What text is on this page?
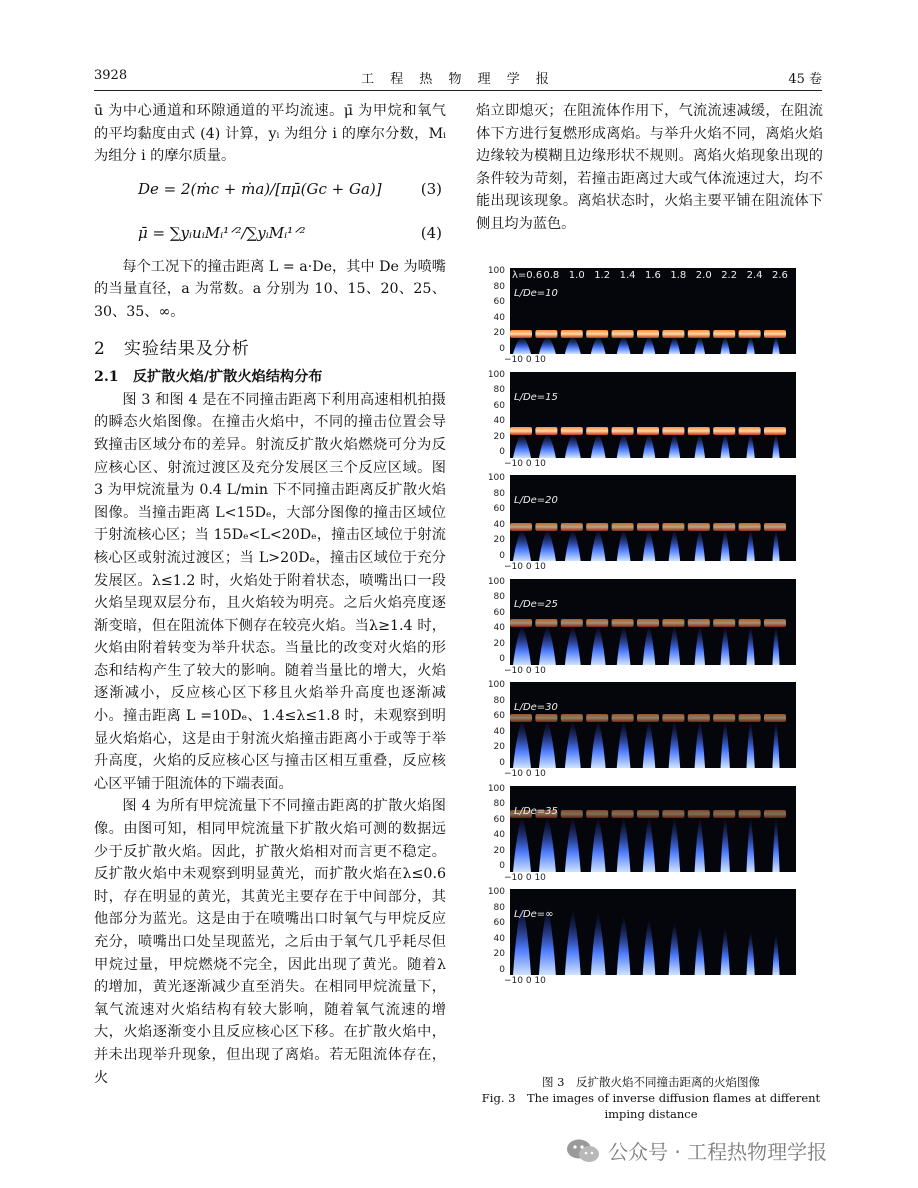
3928	工 程 热 物 理 学 报	45 卷

ū 为中心通道和环隙通道的平均流速。μ̄ 为甲烷和氧气的平均黏度由式 (4) 计算，yᵢ 为组分 i 的摩尔分数，Mᵢ 为组分 i 的摩尔质量。

De = 2(ṁc + ṁa)/[πμ̄(Gc + Ga)]	(3)
μ̄ = ∑yᵢuᵢMᵢ¹ᐟ²/∑yᵢMᵢ¹ᐟ²	(4)

每个工况下的撞击距离 L = a·De，其中 De 为喷嘴的当量直径，a 为常数。a 分别为 10、15、20、25、30、35、∞。

2　实验结果及分析

2.1　反扩散火焰/扩散火焰结构分布

图 3 和图 4 是在不同撞击距离下利用高速相机拍摄的瞬态火焰图像。在撞击火焰中，不同的撞击位置会导致撞击区域分布的差异。射流反扩散火焰燃烧可分为反应核心区、射流过渡区及充分发展区三个反应区域。图 3 为甲烷流量为 0.4 L/min 下不同撞击距离反扩散火焰图像。当撞击距离 L<15Dₑ，大部分图像的撞击区域位于射流核心区；当 15Dₑ<L<20Dₑ，撞击区域位于射流核心区或射流过渡区；当 L>20Dₑ，撞击区域位于充分发展区。λ≤1.2 时，火焰处于附着状态，喷嘴出口一段火焰呈现双层分布，且火焰较为明亮。之后火焰亮度逐渐变暗，但在阻流体下侧存在较亮火焰。当λ≥1.4 时，火焰由附着转变为举升状态。当量比的改变对火焰的形态和结构产生了较大的影响。随着当量比的增大，火焰逐渐减小，反应核心区下移且火焰举升高度也逐渐减小。撞击距离 L =10Dₑ、1.4≤λ≤1.8 时，未观察到明显火焰焰心，这是由于射流火焰撞击距离小于或等于举升高度，火焰的反应核心区与撞击区相互重叠，反应核心区平铺于阻流体的下端表面。

图 4 为所有甲烷流量下不同撞击距离的扩散火焰图像。由图可知，相同甲烷流量下扩散火焰可测的数据远少于反扩散火焰。因此，扩散火焰相对而言更不稳定。反扩散火焰中未观察到明显黄光，而扩散火焰在λ≤0.6 时，存在明显的黄光，其黄光主要存在于中间部分，其他部分为蓝光。这是由于在喷嘴出口时氧气与甲烷反应充分，喷嘴出口处呈现蓝光，之后由于氧气几乎耗尽但甲烷过量，甲烷燃烧不完全，因此出现了黄光。随着λ 的增加，黄光逐渐减少直至消失。在相同甲烷流量下，氧气流速对火焰结构有较大影响，随着氧气流速的增大，火焰逐渐变小且反应核心区下移。在扩散火焰中，并未出现举升现象，但出现了离焰。若无阻流体存在，火

焰立即熄灭；在阻流体作用下，气流流速减缓，在阻流体下方进行复燃形成离焰。与举升火焰不同，离焰火焰边缘较为模糊且边缘形状不规则。离焰火焰现象出现的条件较为苛刻，若撞击距离过大或气体流速过大，均不能出现该现象。离焰状态时，火焰主要平铺在阻流体下侧且均为蓝色。

100
80
60
40
20
0
λ=0.6 0.8 1.0 1.2 1.4 1.6 1.8 2.0 2.2 2.4 2.6
L/De=10
−10 0 10
100
80
60
40
20
0
L/De=15
−10 0 10
100
80
60
40
20
0
L/De=20
−10 0 10
100
80
60
40
20
0
L/De=25
−10 0 10
100
80
60
40
20
0
L/De=30
−10 0 10
100
80
60
40
20
0
L/De=35
−10 0 10
100
80
60
40
20
0
L/De=∞
−10 0 10
图 3　反扩散火焰不同撞击距离的火焰图像
Fig. 3　The images of inverse diffusion flames at different
imping distance
公众号 · 工程热物理学报
